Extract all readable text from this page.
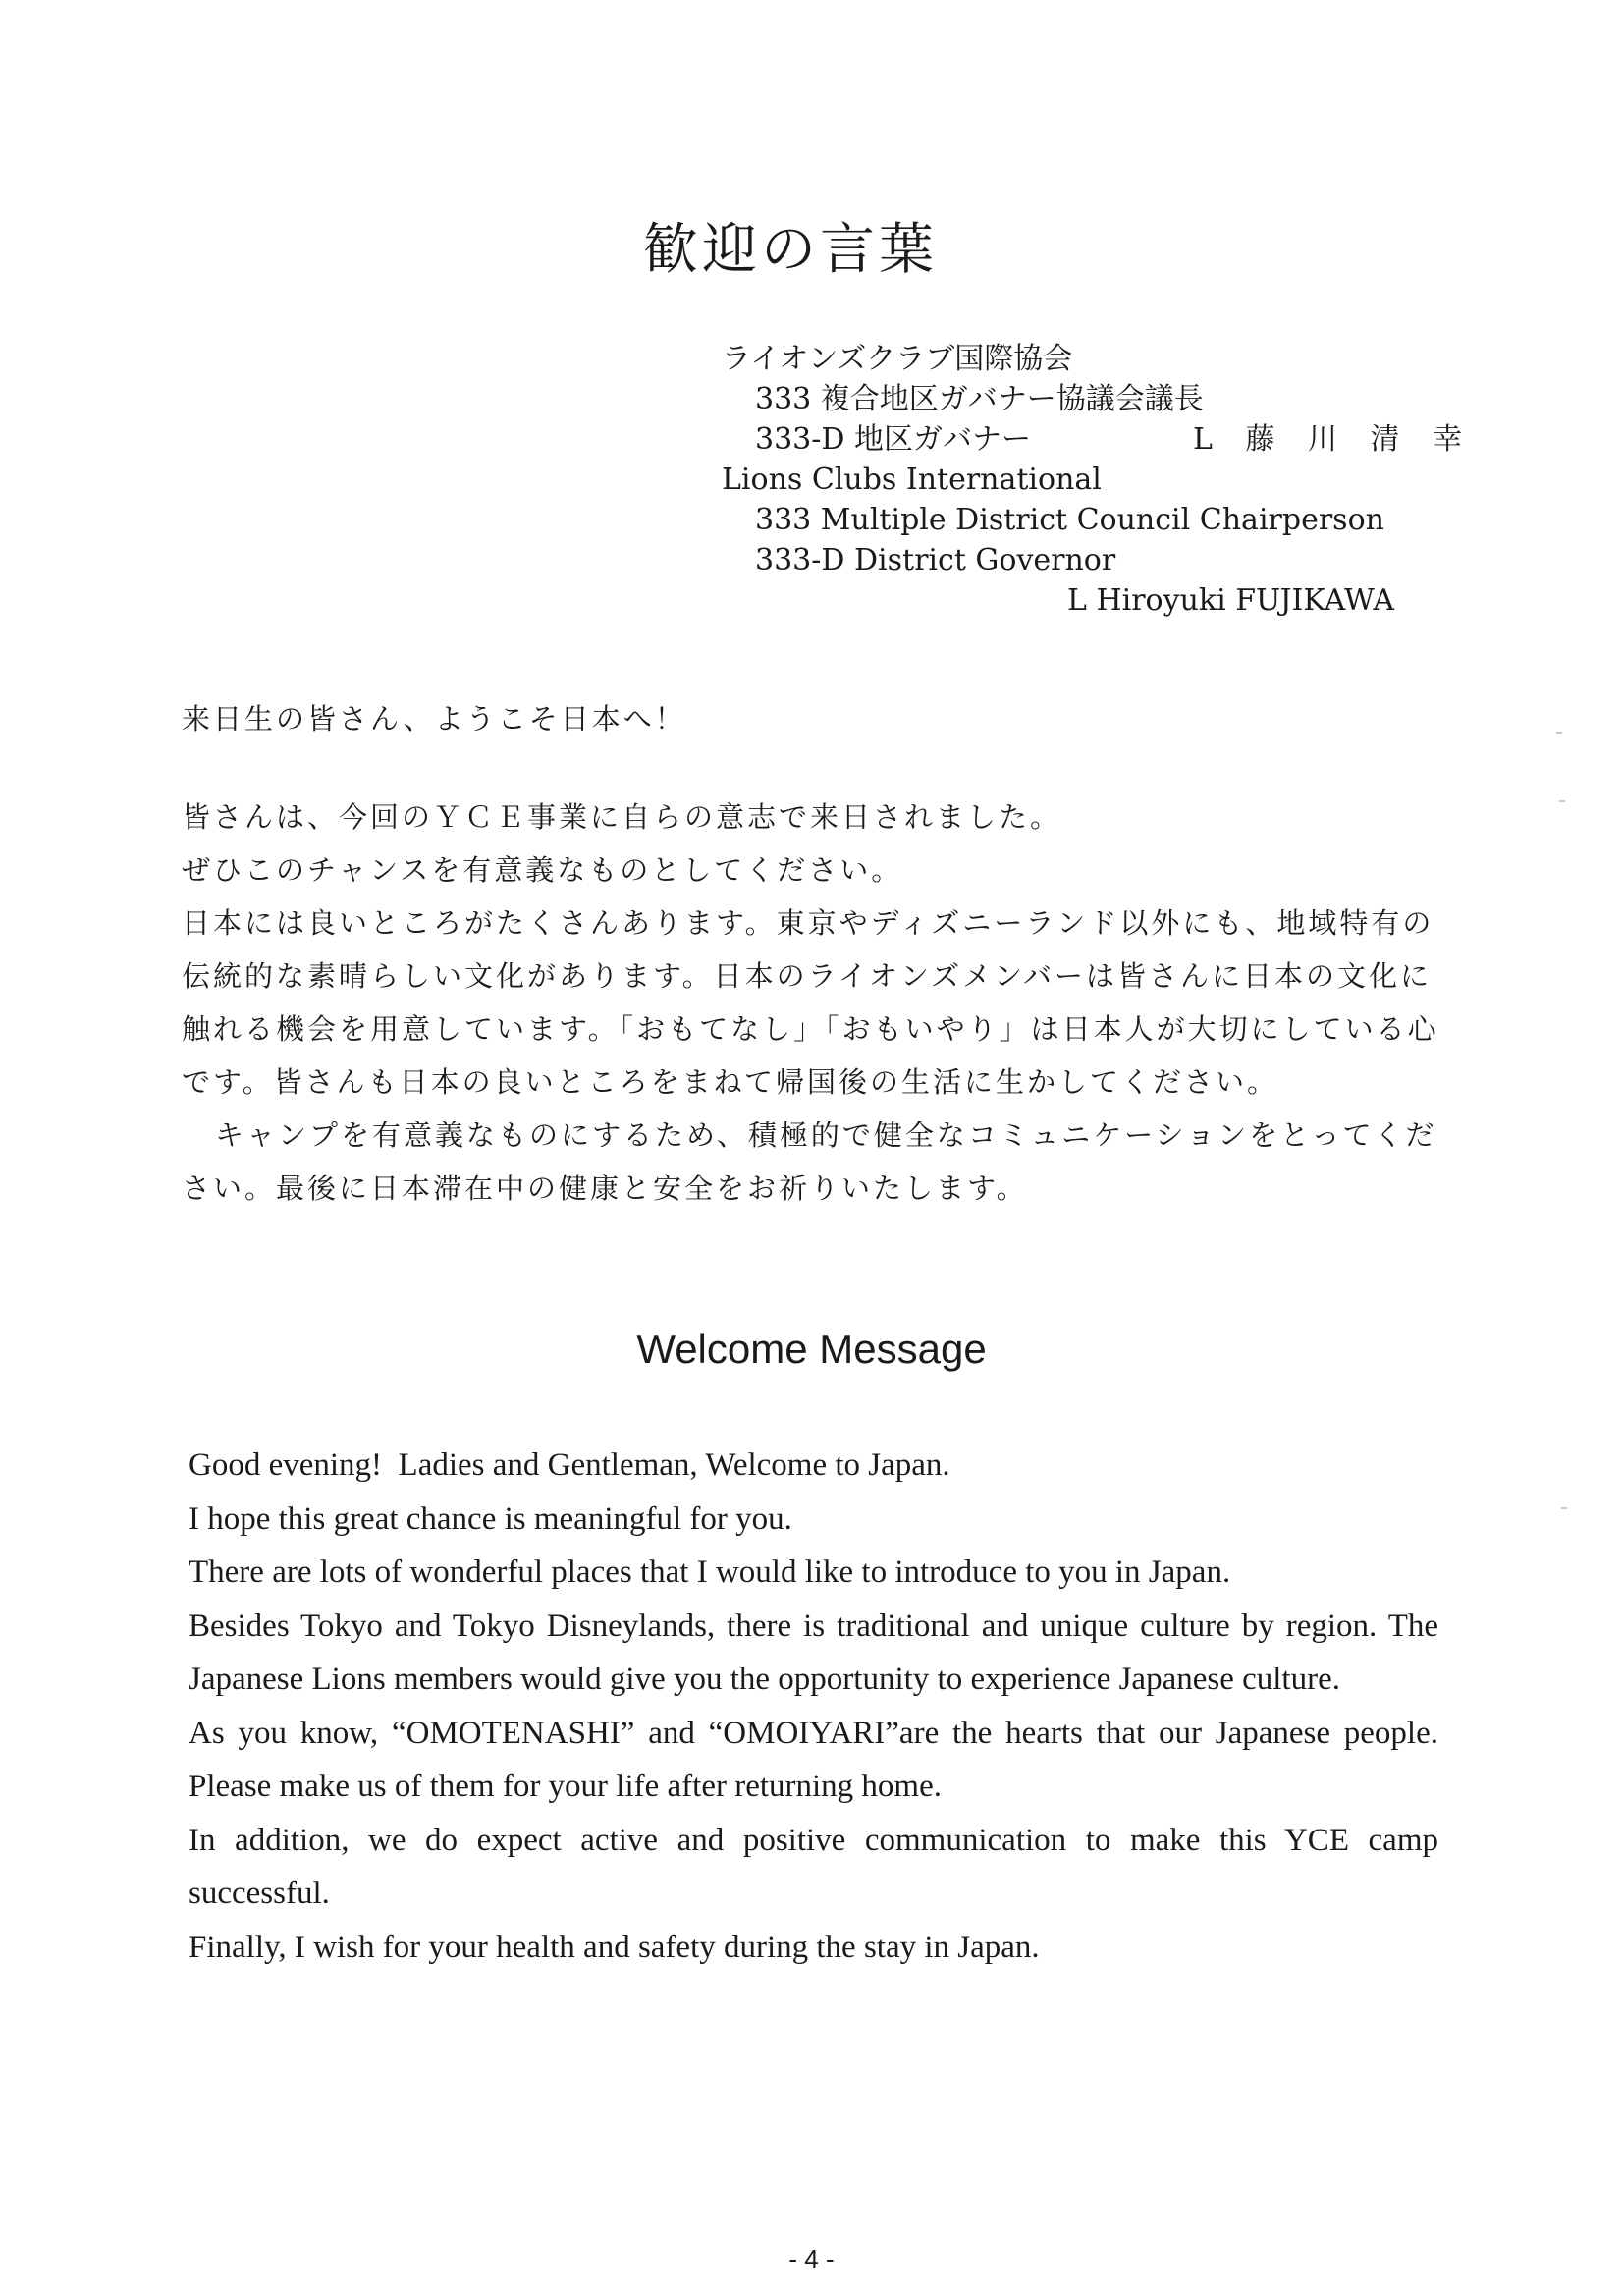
歓迎の言葉
ライオンズクラブ国際協会
333 複合地区ガバナー協議会議長
333‑D 地区ガバナー	L 藤 川 清 幸
Lions Clubs International
333 Multiple District Council Chairperson
333-D District Governor
L Hiroyuki FUJIKAWA
来日生の皆さん、ようこそ日本へ！

皆さんは、今回のＹＣＥ事業に自らの意志で来日されました。

ぜひこのチャンスを有意義なものとしてください。

日本には良いところがたくさんあります。東京やディズニーランド以外にも、地域特有の伝統的な素晴らしい文化があります。日本のライオンズメンバーは皆さんに日本の文化に触れる機会を用意しています。「おもてなし」「おもいやり」は日本人が大切にしている心です。皆さんも日本の良いところをまねて帰国後の生活に生かしてください。

キャンプを有意義なものにするため、積極的で健全なコミュニケーションをとってください。最後に日本滞在中の健康と安全をお祈りいたします。

Welcome Message

Good evening!  Ladies and Gentleman, Welcome to Japan.

I hope this great chance is meaningful for you.

There are lots of wonderful places that I would like to introduce to you in Japan.

Besides Tokyo and Tokyo Disneylands, there is traditional and unique culture by region. The Japanese Lions members would give you the opportunity to experience Japanese culture.

As you know, “OMOTENASHI” and “OMOIYARI”are the hearts that our Japanese people. Please make us of them for your life after returning home.

In addition, we do expect active and positive communication to make this YCE camp successful.

Finally, I wish for your health and safety during the stay in Japan.

- 4 -
